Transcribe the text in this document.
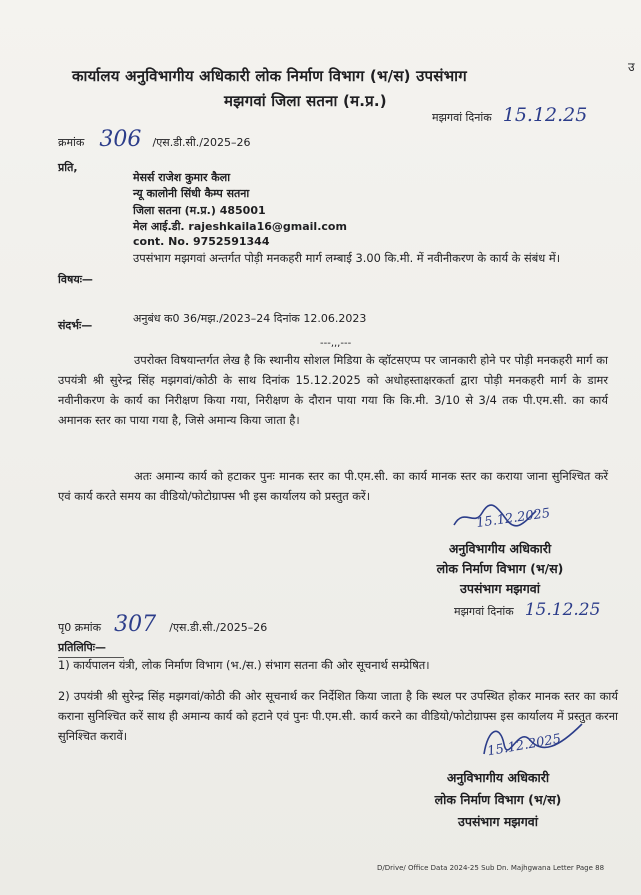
कार्यालय अनुविभागीय अधिकारी लोक निर्माण विभाग (भ/स) उपसंभाग
मझगवां जिला सतना (म.प्र.)
उ
क्रमांक 306 /एस.डी.सी./2025–26
मझगवां दिनांक 15.12.25
प्रति,
मेसर्स राजेश कुमार कैला
न्यू कालोनी सिंधी कैम्प सतना
जिला सतना (म.प्र.) 485001
मेल आई.डी. rajeshkaila16@gmail.com
cont. No. 9752591344
विषयः—
उपसंभाग मझगवां अन्तर्गत पोड़ी मनकहरी मार्ग लम्बाई 3.00 कि.मी. में नवीनीकरण के कार्य के संबंध में।
संदर्भः—
अनुबंध क0 36/मझ./2023–24 दिनांक 12.06.2023
---,,,---
उपरोक्त विषयान्तर्गत लेख है कि स्थानीय सोशल मिडिया के व्हॉटसएप्प पर जानकारी होने पर पोड़ी मनकहरी मार्ग का उपयंत्री श्री सुरेन्द्र सिंह मझगवां/कोठी के साथ दिनांक 15.12.2025 को अधोहस्ताक्षरकर्ता द्वारा पोड़ी मनकहरी मार्ग के डामर नवीनीकरण के कार्य का निरीक्षण किया गया, निरीक्षण के दौरान पाया गया कि कि.मी. 3/10 से 3/4 तक पी.एम.सी. का कार्य अमानक स्तर का पाया गया है, जिसे अमान्य किया जाता है।
अतः अमान्य कार्य को हटाकर पुनः मानक स्तर का पी.एम.सी. का कार्य मानक स्तर का कराया जाना सुनिश्चित करें एवं कार्य करते समय का वीडियो/फोटोग्राफ्स भी इस कार्यालय को प्रस्तुत करें।
15.12.2025
अनुविभागीय अधिकारी
लोक निर्माण विभाग (भ/स)
उपसंभाग मझगवां
मझगवां दिनांक 15.12.25
पृ0 क्रमांक 307 /एस.डी.सी./2025–26
प्रतिलिपिः—
1) कार्यपालन यंत्री, लोक निर्माण विभाग (भ./स.) संभाग सतना की ओर सूचनार्थ सम्प्रेषित।
2) उपयंत्री श्री सुरेन्द्र सिंह मझगवां/कोठी की ओर सूचनार्थ कर निर्देशित किया जाता है कि स्थल पर उपस्थित होकर मानक स्तर का कार्य कराना सुनिश्चित करें साथ ही अमान्य कार्य को हटाने एवं पुनः पी.एम.सी. कार्य करने का वीडियो/फोटोग्राफ्स इस कार्यालय में प्रस्तुत करना सुनिश्चित करावें।	15.12.2025
अनुविभागीय अधिकारी
लोक निर्माण विभाग (भ/स)
उपसंभाग मझगवां
D/Drive/ Office Data 2024-25 Sub Dn. Majhgwana Letter Page 88
